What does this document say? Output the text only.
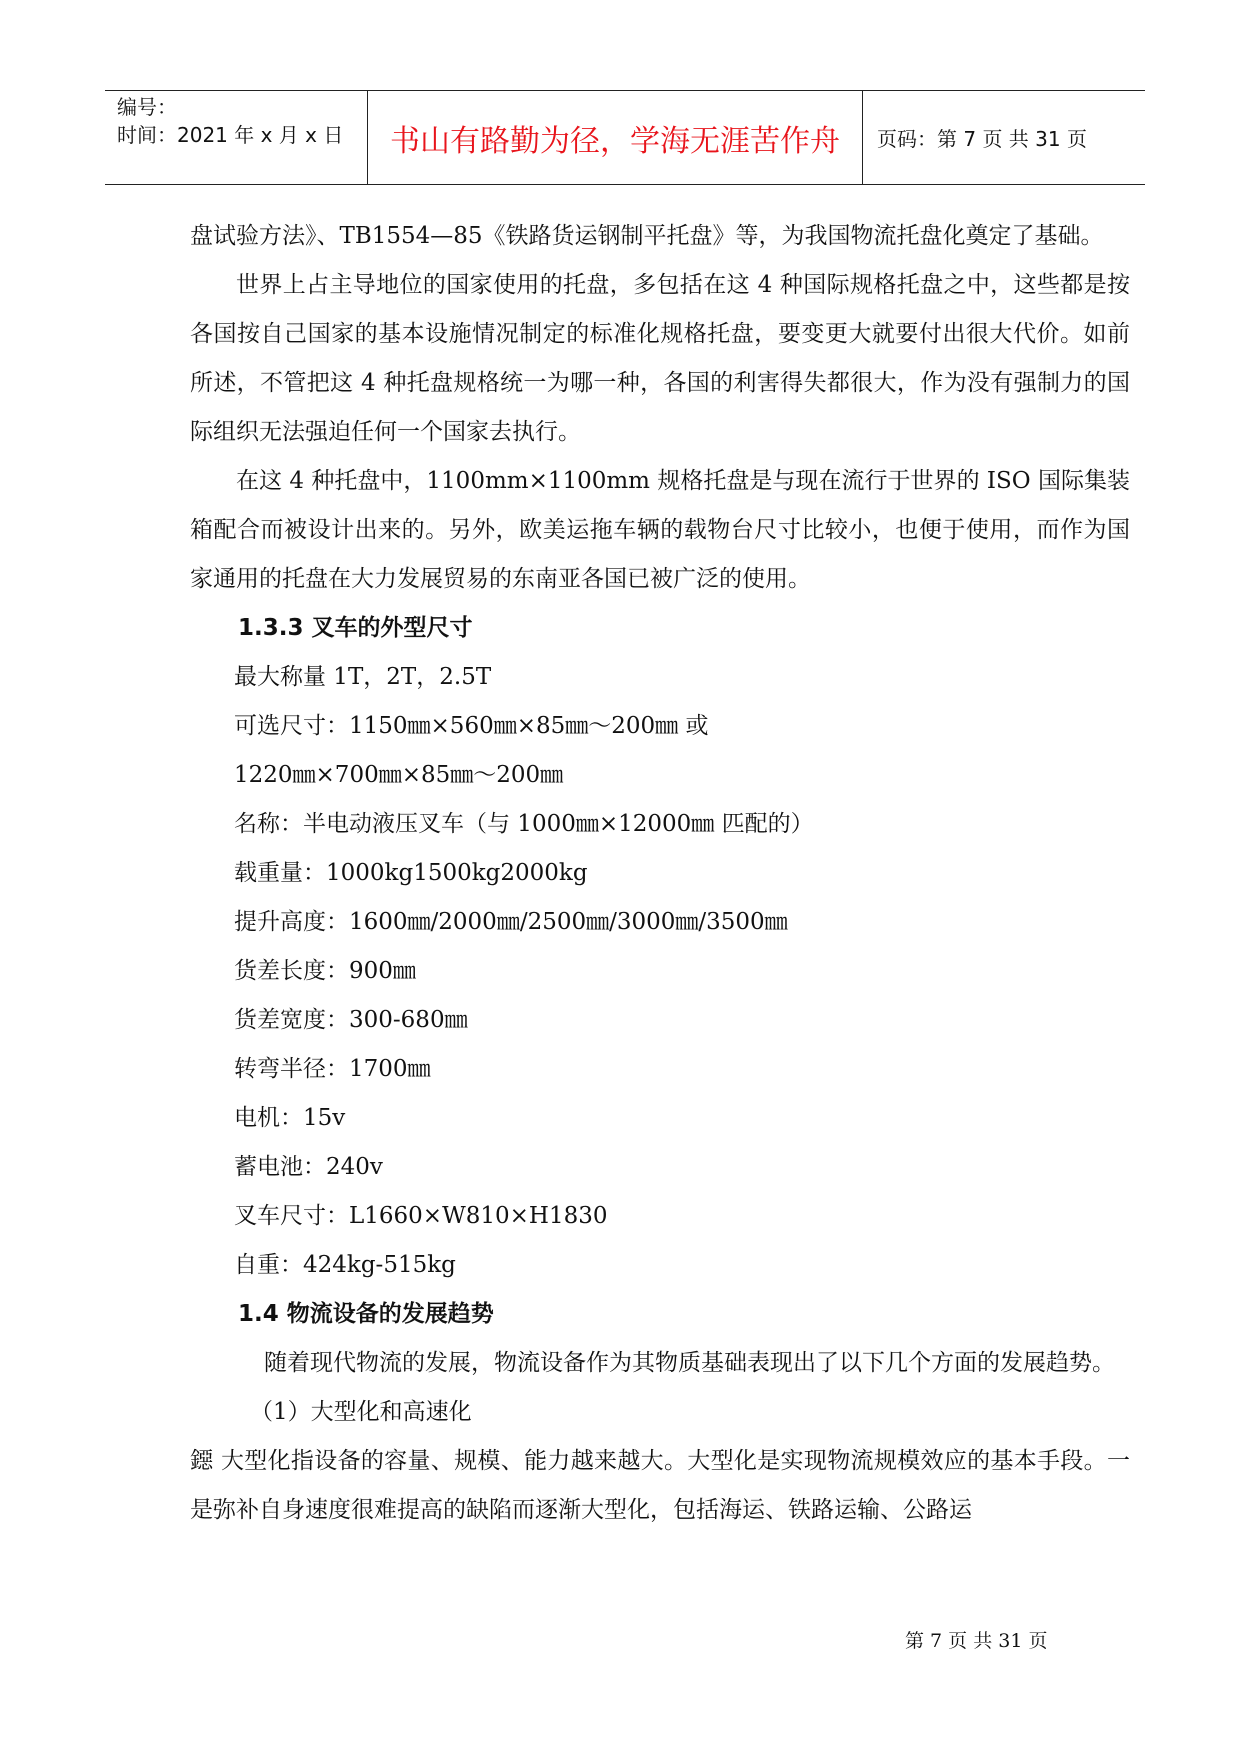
编号：
时间：2021 年 x 月 x 日	书山有路勤为径，学海无涯苦作舟	页码：第 7 页 共 31 页

盘试验方法》、TB1554—85《铁路货运钢制平托盘》等，为我国物流托盘化奠定了基础。

世界上占主导地位的国家使用的托盘，多包括在这 4 种国际规格托盘之中，这些都是按各国按自己国家的基本设施情况制定的标准化规格托盘，要变更大就要付出很大代价。如前所述，不管把这 4 种托盘规格统一为哪一种，各国的利害得失都很大，作为没有强制力的国际组织无法强迫任何一个国家去执行。

在这 4 种托盘中，1100mm×1100mm 规格托盘是与现在流行于世界的 ISO 国际集装箱配合而被设计出来的。另外，欧美运拖车辆的载物台尺寸比较小，也便于使用，而作为国家通用的托盘在大力发展贸易的东南亚各国已被广泛的使用。

1.3.3 叉车的外型尺寸

最大称量 1T，2T，2.5T

可选尺寸：1150㎜×560㎜×85㎜～200㎜ 或

1220㎜×700㎜×85㎜～200㎜

名称：半电动液压叉车（与 1000㎜×12000㎜ 匹配的）

载重量：1000kg1500kg2000kg

提升高度：1600㎜/2000㎜/2500㎜/3000㎜/3500㎜

货差长度：900㎜

货差宽度：300-680㎜

转弯半径：1700㎜

电机：15v

蓄电池：240v

叉车尺寸：L1660×W810×H1830

自重：424kg-515kg

1.4 物流设备的发展趋势

随着现代物流的发展，物流设备作为其物质基础表现出了以下几个方面的发展趋势。

（1）大型化和高速化

鐚 大型化指设备的容量、规模、能力越来越大。大型化是实现物流规模效应的基本手段。一是弥补自身速度很难提高的缺陷而逐渐大型化，包括海运、铁路运输、公路运

第 7 页 共 31 页
